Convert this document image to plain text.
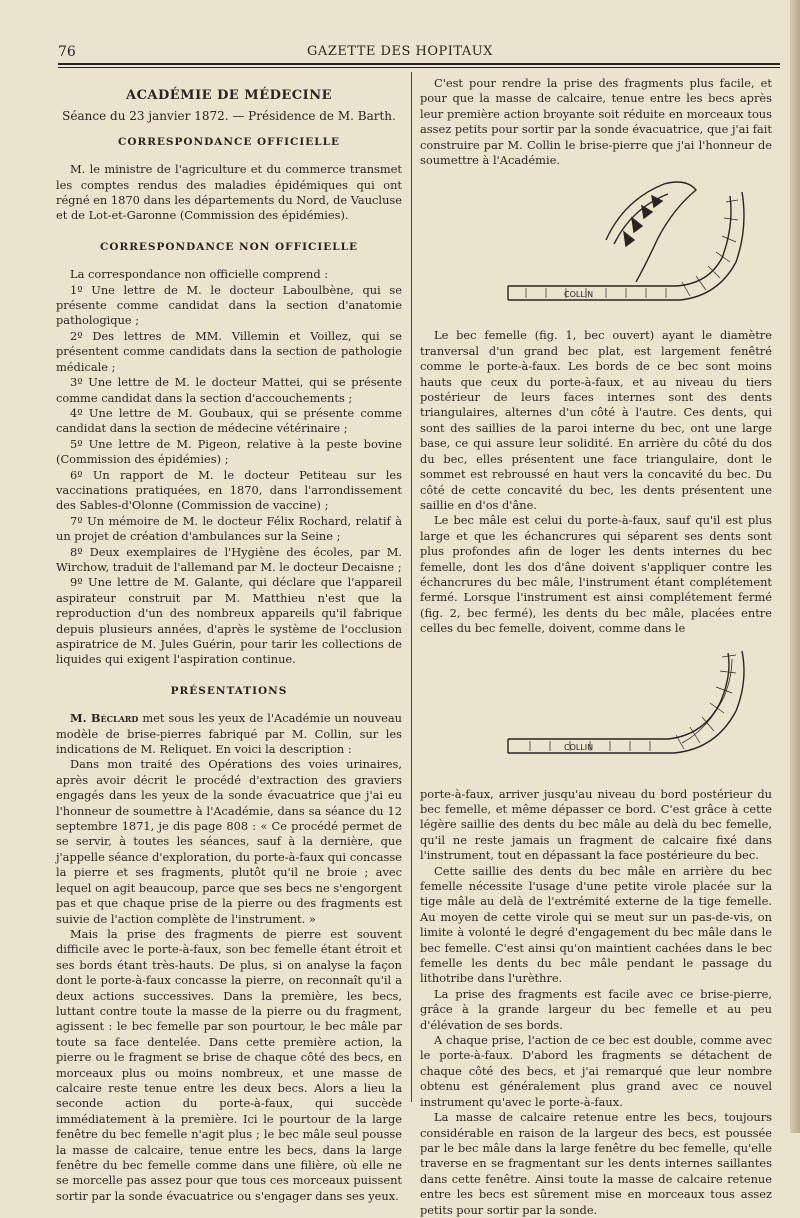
76	GAZETTE DES HOPITAUX
ACADÉMIE DE MÉDECINE
Séance du 23 janvier 1872. — Présidence de M. Barth.
CORRESPONDANCE OFFICIELLE

M. le ministre de l'agriculture et du commerce transmet les comptes rendus des maladies épidémiques qui ont régné en 1870 dans les départements du Nord, de Vaucluse et de Lot-et-Garonne (Commission des épidémies).

CORRESPONDANCE NON OFFICIELLE

La correspondance non officielle comprend :

1º Une lettre de M. le docteur Laboulbène, qui se présente comme candidat dans la section d'anatomie pathologique ;

2º Des lettres de MM. Villemin et Voillez, qui se présentent comme candidats dans la section de pathologie médicale ;

3º Une lettre de M. le docteur Mattei, qui se présente comme candidat dans la section d'accouchements ;

4º Une lettre de M. Goubaux, qui se présente comme candidat dans la section de médecine vétérinaire ;

5º Une lettre de M. Pigeon, relative à la peste bovine (Commission des épidémies) ;

6º Un rapport de M. le docteur Petiteau sur les vaccinations pratiquées, en 1870, dans l'arrondissement des Sables-d'Olonne (Commission de vaccine) ;

7º Un mémoire de M. le docteur Félix Rochard, relatif à un projet de création d'ambulances sur la Seine ;

8º Deux exemplaires de l'Hygiène des écoles, par M. Wirchow, traduit de l'allemand par M. le docteur Decaisne ;

9º Une lettre de M. Galante, qui déclare que l'appareil aspirateur construit par M. Matthieu n'est que la reproduction d'un des nombreux appareils qu'il fabrique depuis plusieurs années, d'après le système de l'occlusion aspiratrice de M. Jules Guérin, pour tarir les collections de liquides qui exigent l'aspiration continue.

PRÉSENTATIONS

M. Béclard met sous les yeux de l'Académie un nouveau modèle de brise-pierres fabriqué par M. Collin, sur les indications de M. Reliquet. En voici la description :

Dans mon traité des Opérations des voies urinaires, après avoir décrit le procédé d'extraction des graviers engagés dans les yeux de la sonde évacuatrice que j'ai eu l'honneur de soumettre à l'Académie, dans sa séance du 12 septembre 1871, je dis page 808 : « Ce procédé permet de se servir, à toutes les séances, sauf à la dernière, que j'appelle séance d'exploration, du porte-à-faux qui concasse la pierre et ses fragments, plutôt qu'il ne broie ; avec lequel on agit beaucoup, parce que ses becs ne s'engorgent pas et que chaque prise de la pierre ou des fragments est suivie de l'action complète de l'instrument. »

Mais la prise des fragments de pierre est souvent difficile avec le porte-à-faux, son bec femelle étant étroit et ses bords étant très-hauts. De plus, si on analyse la façon dont le porte-à-faux concasse la pierre, on reconnaît qu'il a deux actions successives. Dans la première, les becs, luttant contre toute la masse de la pierre ou du fragment, agissent : le bec femelle par son pourtour, le bec mâle par toute sa face dentelée. Dans cette première action, la pierre ou le fragment se brise de chaque côté des becs, en morceaux plus ou moins nombreux, et une masse de calcaire reste tenue entre les deux becs. Alors a lieu la seconde action du porte-à-faux, qui succède immédiatement à la première. Ici le pourtour de la large fenêtre du bec femelle n'agit plus ; le bec mâle seul pousse la masse de calcaire, tenue entre les becs, dans la large fenêtre du bec femelle comme dans une filière, où elle ne se morcelle pas assez pour que tous ces morceaux puissent sortir par la sonde évacuatrice ou s'engager dans ses yeux.

C'est pour rendre la prise des fragments plus facile, et pour que la masse de calcaire, tenue entre les becs après leur première action broyante soit réduite en morceaux tous assez petits pour sortir par la sonde évacuatrice, que j'ai fait construire par M. Collin le brise-pierre que j'ai l'honneur de soumettre à l'Académie.

COLLIN

Le bec femelle (fig. 1, bec ouvert) ayant le diamètre tranversal d'un grand bec plat, est largement fenêtré comme le porte-à-faux. Les bords de ce bec sont moins hauts que ceux du porte-à-faux, et au niveau du tiers postérieur de leurs faces internes sont des dents triangulaires, alternes d'un côté à l'autre. Ces dents, qui sont des saillies de la paroi interne du bec, ont une large base, ce qui assure leur solidité. En arrière du côté du dos du bec, elles présentent une face triangulaire, dont le sommet est rebroussé en haut vers la concavité du bec. Du côté de cette concavité du bec, les dents présentent une saillie en d'os d'âne.

Le bec mâle est celui du porte-à-faux, sauf qu'il est plus large et que les échancrures qui séparent ses dents sont plus profondes afin de loger les dents internes du bec femelle, dont les dos d'âne doivent s'appliquer contre les échancrures du bec mâle, l'instrument étant complétement fermé. Lorsque l'instrument est ainsi complétement fermé (fig. 2, bec fermé), les dents du bec mâle, placées entre celles du bec femelle, doivent, comme dans le

COLLIN

porte-à-faux, arriver jusqu'au niveau du bord postérieur du bec femelle, et même dépasser ce bord. C'est grâce à cette légère saillie des dents du bec mâle au delà du bec femelle, qu'il ne reste jamais un fragment de calcaire fixé dans l'instrument, tout en dépassant la face postérieure du bec.

Cette saillie des dents du bec mâle en arrière du bec femelle nécessite l'usage d'une petite virole placée sur la tige mâle au delà de l'extrémité externe de la tige femelle. Au moyen de cette virole qui se meut sur un pas-de-vis, on limite à volonté le degré d'engagement du bec mâle dans le bec femelle. C'est ainsi qu'on maintient cachées dans le bec femelle les dents du bec mâle pendant le passage du lithotribe dans l'urèthre.

La prise des fragments est facile avec ce brise-pierre, grâce à la grande largeur du bec femelle et au peu d'élévation de ses bords.

A chaque prise, l'action de ce bec est double, comme avec le porte-à-faux. D'abord les fragments se détachent de chaque côté des becs, et j'ai remarqué que leur nombre obtenu est généralement plus grand avec ce nouvel instrument qu'avec le porte-à-faux.

La masse de calcaire retenue entre les becs, toujours considérable en raison de la largeur des becs, est poussée par le bec mâle dans la large fenêtre du bec femelle, qu'elle traverse en se fragmentant sur les dents internes saillantes dans cette fenêtre. Ainsi toute la masse de calcaire retenue entre les becs est sûrement mise en morceaux tous assez petits pour sortir par la sonde.
